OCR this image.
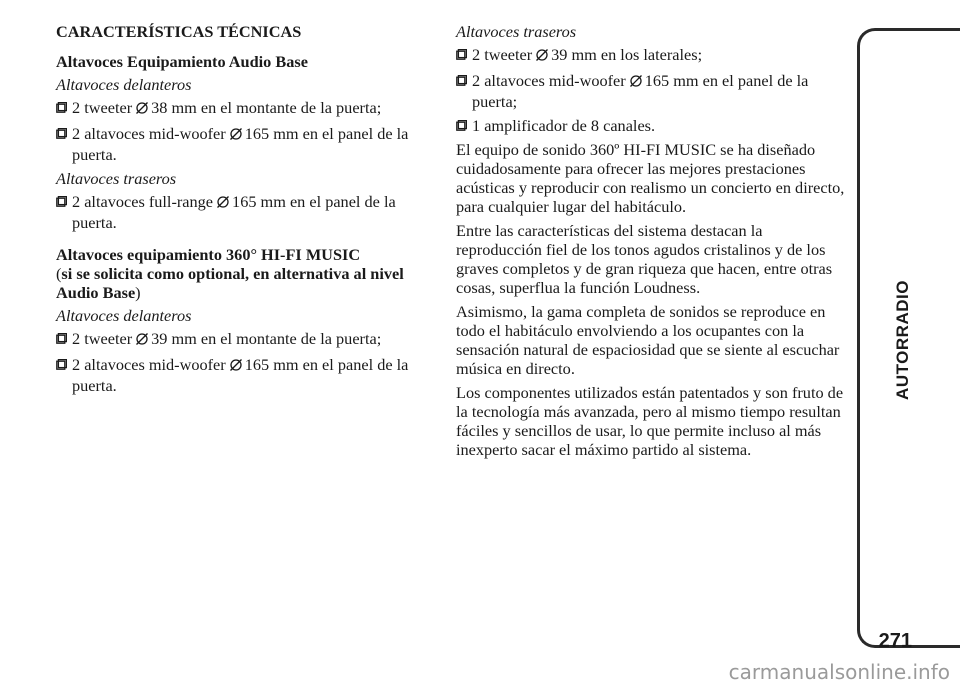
CARACTERÍSTICAS TÉCNICAS
Altavoces Equipamiento Audio Base
Altavoces delanteros
2 tweeter 38 mm en el montante de la puerta;
2 altavoces mid-woofer 165 mm en el panel de la puerta.
Altavoces traseros
2 altavoces full-range 165 mm en el panel de la puerta.
Altavoces equipamiento 360° HI-FI MUSIC
(si se solicita como optional, en alternativa al nivel Audio Base)
Altavoces delanteros
2 tweeter 39 mm en el montante de la puerta;
2 altavoces mid-woofer 165 mm en el panel de la puerta.
Altavoces traseros
2 tweeter 39 mm en los laterales;
2 altavoces mid-woofer 165 mm en el panel de la puerta;
1 amplificador de 8 canales.
El equipo de sonido 360º HI-FI MUSIC se ha diseñado cuidadosamente para ofrecer las mejores prestaciones acústicas y reproducir con realismo un concierto en directo, para cualquier lugar del habitáculo.
Entre las características del sistema destacan la reproducción fiel de los tonos agudos cristalinos y de los graves completos y de gran riqueza que hacen, entre otras cosas, superflua la función Loudness.
Asimismo, la gama completa de sonidos se reproduce en todo el habitáculo envolviendo a los ocupantes con la sensación natural de espaciosidad que se siente al escuchar música en directo.
Los componentes utilizados están patentados y son fruto de la tecnología más avanzada, pero al mismo tiempo resultan fáciles y sencillos de usar, lo que permite incluso al más inexperto sacar el máximo partido al sistema.
AUTORRADIO
271
carmanualsonline.info
